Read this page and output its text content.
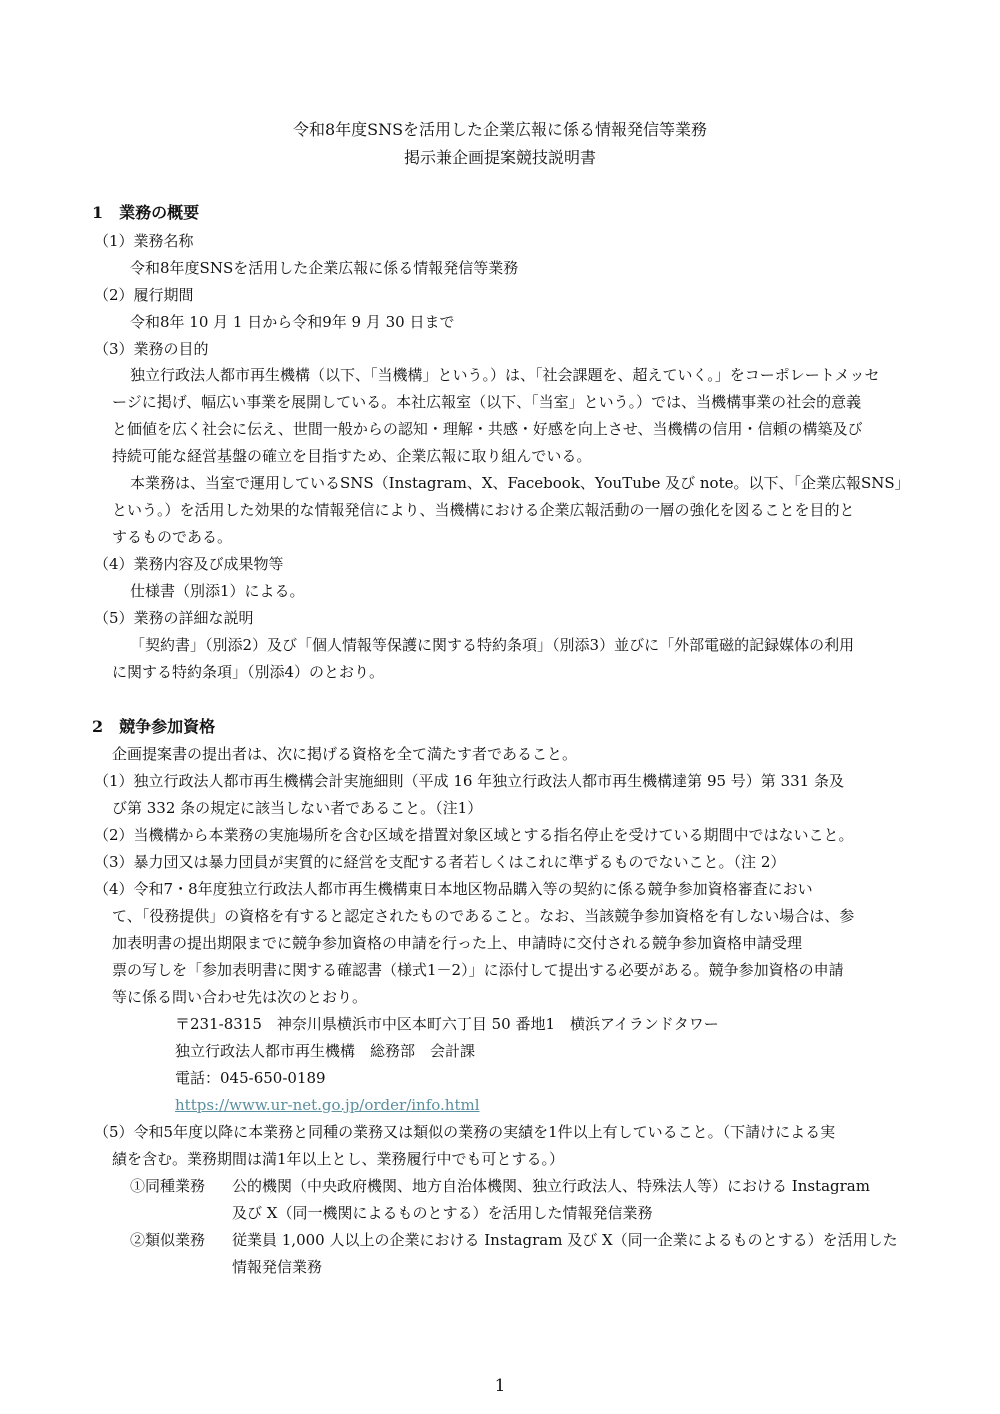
令和8年度SNSを活用した企業広報に係る情報発信等業務
掲示兼企画提案競技説明書
1　業務の概要
（1）業務名称
令和8年度SNSを活用した企業広報に係る情報発信等業務
（2）履行期間
令和8年 10 月 1 日から令和9年 9 月 30 日まで
（3）業務の目的
独立行政法人都市再生機構（以下、「当機構」という。）は、「社会課題を、超えていく。」をコーポレートメッセ
ージに掲げ、幅広い事業を展開している。本社広報室（以下、「当室」という。）では、当機構事業の社会的意義
と価値を広く社会に伝え、世間一般からの認知・理解・共感・好感を向上させ、当機構の信用・信頼の構築及び
持続可能な経営基盤の確立を目指すため、企業広報に取り組んでいる。
本業務は、当室で運用しているSNS（Instagram、X、Facebook、YouTube 及び note。以下、「企業広報SNS」
という。）を活用した効果的な情報発信により、当機構における企業広報活動の一層の強化を図ることを目的と
するものである。
（4）業務内容及び成果物等
仕様書（別添1）による。
（5）業務の詳細な説明
「契約書」（別添2）及び「個人情報等保護に関する特約条項」（別添3）並びに「外部電磁的記録媒体の利用
に関する特約条項」（別添4）のとおり。
2　競争参加資格
企画提案書の提出者は、次に掲げる資格を全て満たす者であること。
（1）独立行政法人都市再生機構会計実施細則（平成 16 年独立行政法人都市再生機構達第 95 号）第 331 条及
び第 332 条の規定に該当しない者であること。（注1）
（2）当機構から本業務の実施場所を含む区域を措置対象区域とする指名停止を受けている期間中ではないこと。
（3）暴力団又は暴力団員が実質的に経営を支配する者若しくはこれに準ずるものでないこと。（注 2）
（4）令和7・8年度独立行政法人都市再生機構東日本地区物品購入等の契約に係る競争参加資格審査におい
て、「役務提供」の資格を有すると認定されたものであること。なお、当該競争参加資格を有しない場合は、参
加表明書の提出期限までに競争参加資格の申請を行った上、申請時に交付される競争参加資格申請受理
票の写しを「参加表明書に関する確認書（様式1－2）」に添付して提出する必要がある。競争参加資格の申請
等に係る問い合わせ先は次のとおり。
〒231-8315　神奈川県横浜市中区本町六丁目 50 番地1　横浜アイランドタワー
独立行政法人都市再生機構　総務部　会計課
電話：045-650-0189
https://www.ur-net.go.jp/order/info.html
（5）令和5年度以降に本業務と同種の業務又は類似の業務の実績を1件以上有していること。（下請けによる実
績を含む。業務期間は満1年以上とし、業務履行中でも可とする。）
①同種業務 公的機関（中央政府機関、地方自治体機関、独立行政法人、特殊法人等）における Instagram
及び X（同一機関によるものとする）を活用した情報発信業務
②類似業務 従業員 1,000 人以上の企業における Instagram 及び X（同一企業によるものとする）を活用した
情報発信業務
1
